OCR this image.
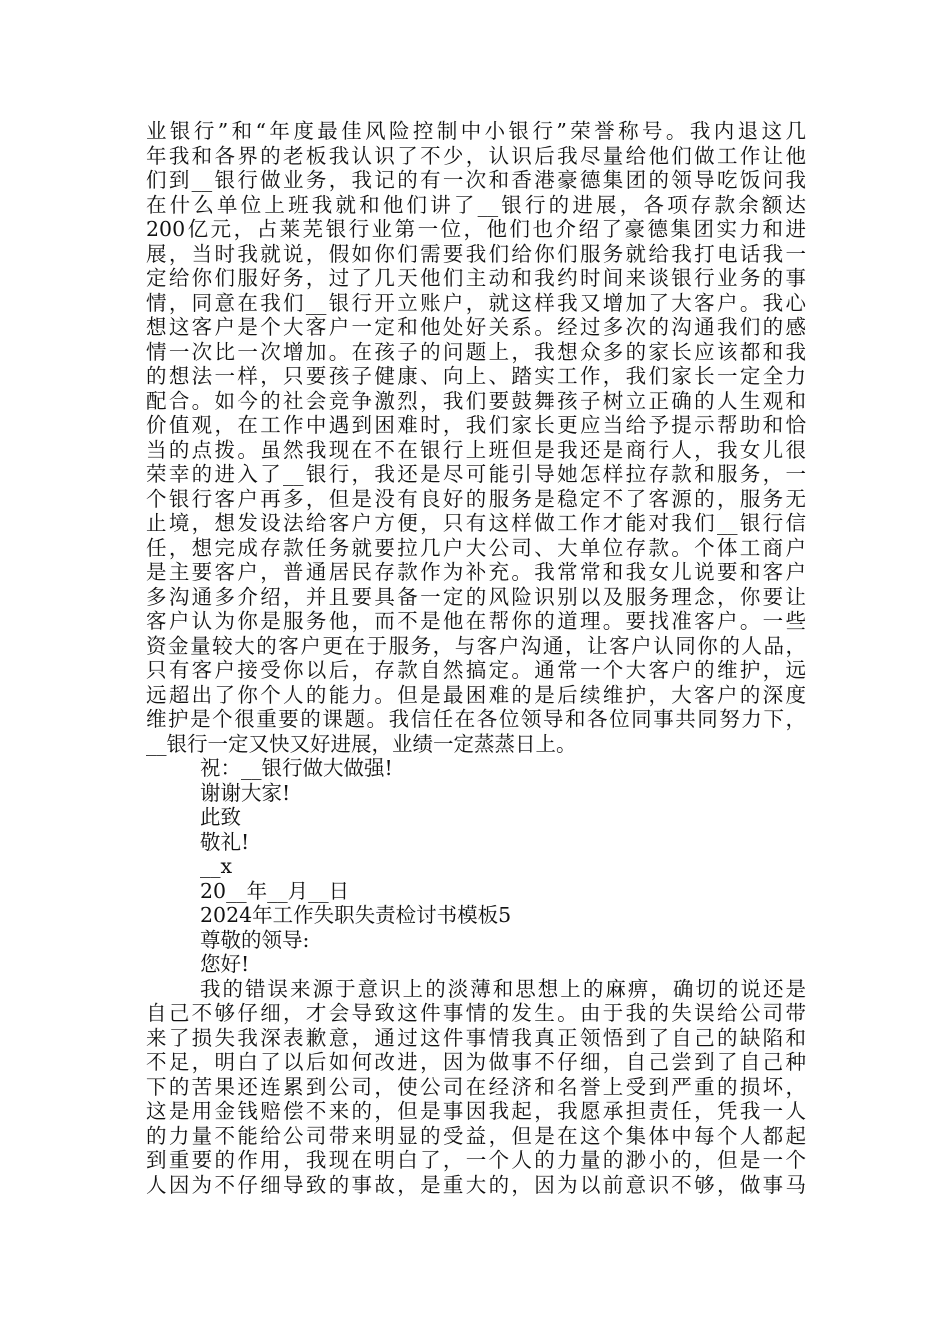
业银行”和“年度最佳风险控制中小银行”荣誉称号。我内退这几
年我和各界的老板我认识了不少，认识后我尽量给他们做工作让他
们到__银行做业务，我记的有一次和香港豪德集团的领导吃饭问我
在什么单位上班我就和他们讲了__银行的进展，各项存款余额达
200亿元，占莱芜银行业第一位，他们也介绍了豪德集团实力和进
展，当时我就说，假如你们需要我们给你们服务就给我打电话我一
定给你们服好务，过了几天他们主动和我约时间来谈银行业务的事
情，同意在我们__银行开立账户，就这样我又增加了大客户。我心
想这客户是个大客户一定和他处好关系。经过多次的沟通我们的感
情一次比一次增加。在孩子的问题上，我想众多的家长应该都和我
的想法一样，只要孩子健康、向上、踏实工作，我们家长一定全力
配合。如今的社会竞争激烈，我们要鼓舞孩子树立正确的人生观和
价值观，在工作中遇到困难时，我们家长更应当给予提示帮助和恰
当的点拨。虽然我现在不在银行上班但是我还是商行人，我女儿很
荣幸的进入了__银行，我还是尽可能引导她怎样拉存款和服务，一
个银行客户再多，但是没有良好的服务是稳定不了客源的，服务无
止境，想发设法给客户方便，只有这样做工作才能对我们__银行信
任，想完成存款任务就要拉几户大公司、大单位存款。个体工商户
是主要客户，普通居民存款作为补充。我常常和我女儿说要和客户
多沟通多介绍，并且要具备一定的风险识别以及服务理念，你要让
客户认为你是服务他，而不是他在帮你的道理。要找准客户。一些
资金量较大的客户更在于服务，与客户沟通，让客户认同你的人品，
只有客户接受你以后，存款自然搞定。通常一个大客户的维护，远
远超出了你个人的能力。但是最困难的是后续维护，大客户的深度
维护是个很重要的课题。我信任在各位领导和各位同事共同努力下，
__银行一定又快又好进展，业绩一定蒸蒸日上。
祝：__银行做大做强!
谢谢大家!
此致
敬礼!
__x
20__年__月__日
2024年工作失职失责检讨书模板5
尊敬的领导:
您好!
我的错误来源于意识上的淡薄和思想上的麻痹，确切的说还是
自己不够仔细，才会导致这件事情的发生。由于我的失误给公司带
来了损失我深表歉意，通过这件事情我真正领悟到了自己的缺陷和
不足，明白了以后如何改进，因为做事不仔细，自己尝到了自己种
下的苦果还连累到公司，使公司在经济和名誉上受到严重的损坏，
这是用金钱赔偿不来的，但是事因我起，我愿承担责任，凭我一人
的力量不能给公司带来明显的受益，但是在这个集体中每个人都起
到重要的作用，我现在明白了，一个人的力量的渺小的，但是一个
人因为不仔细导致的事故，是重大的，因为以前意识不够，做事马
